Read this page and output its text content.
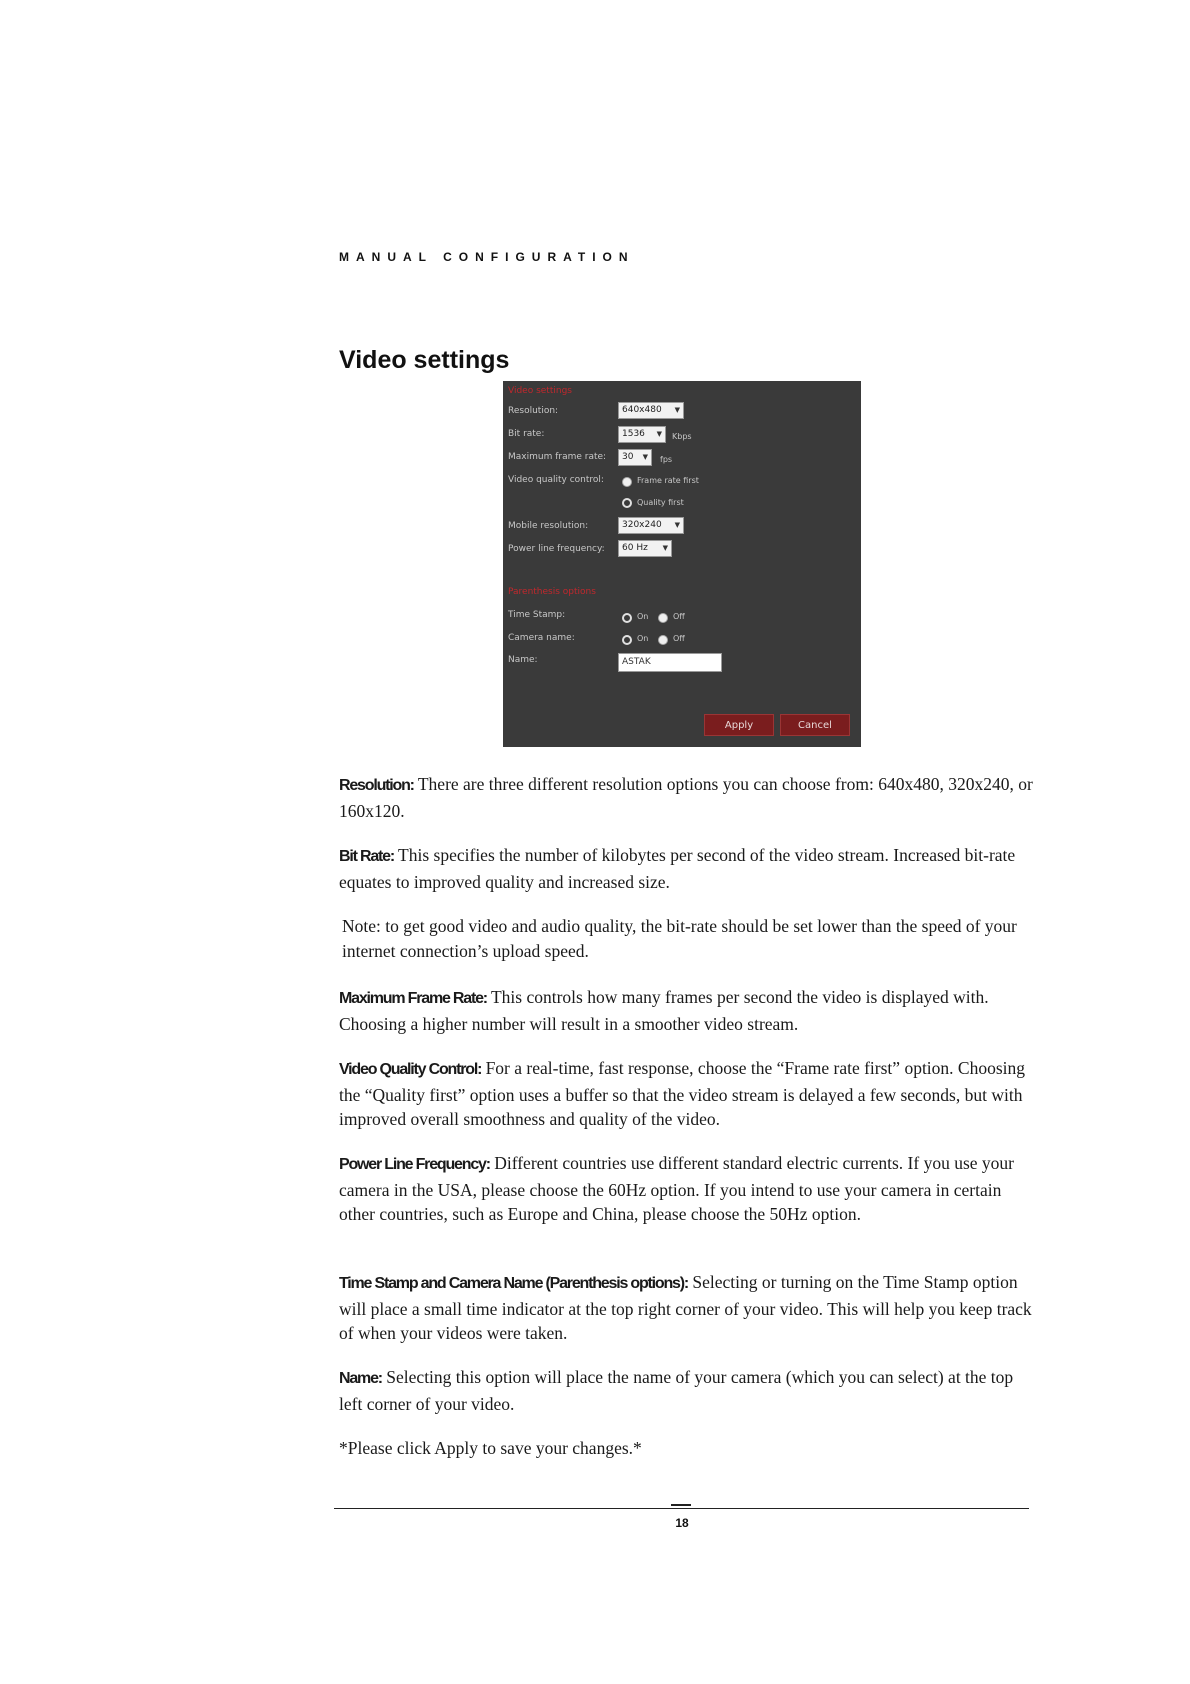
MANUAL CONFIGURATION
Video settings
Video settings
Resolution:	640x480 ▼
Bit rate:	1536 ▼ Kbps
Maximum frame rate:	30 ▼ fps
Video quality control:	Frame rate first
Quality first
Mobile resolution:	320x240 ▼
Power line frequency:	60 Hz ▼
Parenthesis options
Time Stamp:	On	Off
Camera name:	On	Off
Name:	ASTAK
Apply	Cancel
Resolution: There are three different resolution options you can choose from: 640x480, 320x240, or 160x120.
Bit Rate: This specifies the number of kilobytes per second of the video stream. Increased bit-rate equates to improved quality and increased size.
Note: to get good video and audio quality, the bit-rate should be set lower than the speed of your internet connection’s upload speed.
Maximum Frame Rate: This controls how many frames per second the video is displayed with. Choosing a higher number will result in a smoother video stream.
Video Quality Control: For a real-time, fast response, choose the “Frame rate first” option. Choosing the “Quality first” option uses a buffer so that the video stream is delayed a few seconds, but with improved overall smoothness and quality of the video.
Power Line Frequency: Different countries use different standard electric currents. If you use your camera in the USA, please choose the 60Hz option. If you intend to use your camera in certain other countries, such as Europe and China, please choose the 50Hz option.
Time Stamp and Camera Name (Parenthesis options): Selecting or turning on the Time Stamp option will place a small time indicator at the top right corner of your video. This will help you keep track of when your videos were taken.
Name: Selecting this option will place the name of your camera (which you can select) at the top left corner of your video.
*Please click Apply to save your changes.*
18
